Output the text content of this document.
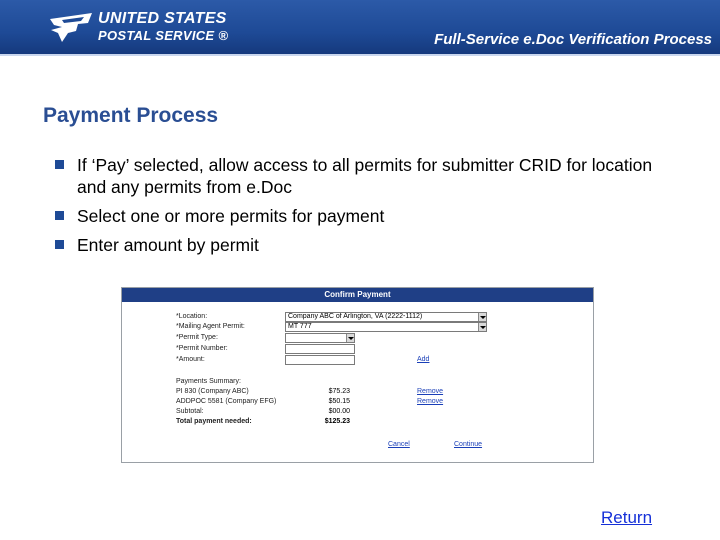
UNITED STATES
POSTAL SERVICE ®	Full-Service e.Doc Verification Process
Payment Process
If ‘Pay’ selected, allow access to all permits for submitter CRID for location and any permits from e.Doc
Select one or more permits for payment
Enter amount by permit
Confirm Payment
*Location:	Company ABC of Arlington, VA (2222-1112)
*Mailing Agent Permit:	MT 777
*Permit Type:
*Permit Number:
*Amount:	Add
Payments Summary:
PI 830 (Company ABC)	$75.23	Remove
ADDPOC 5581 (Company EFG)	$50.15	Remove
Subtotal:	$00.00
Total payment needed:	$125.23
Cancel	Continue
Return
